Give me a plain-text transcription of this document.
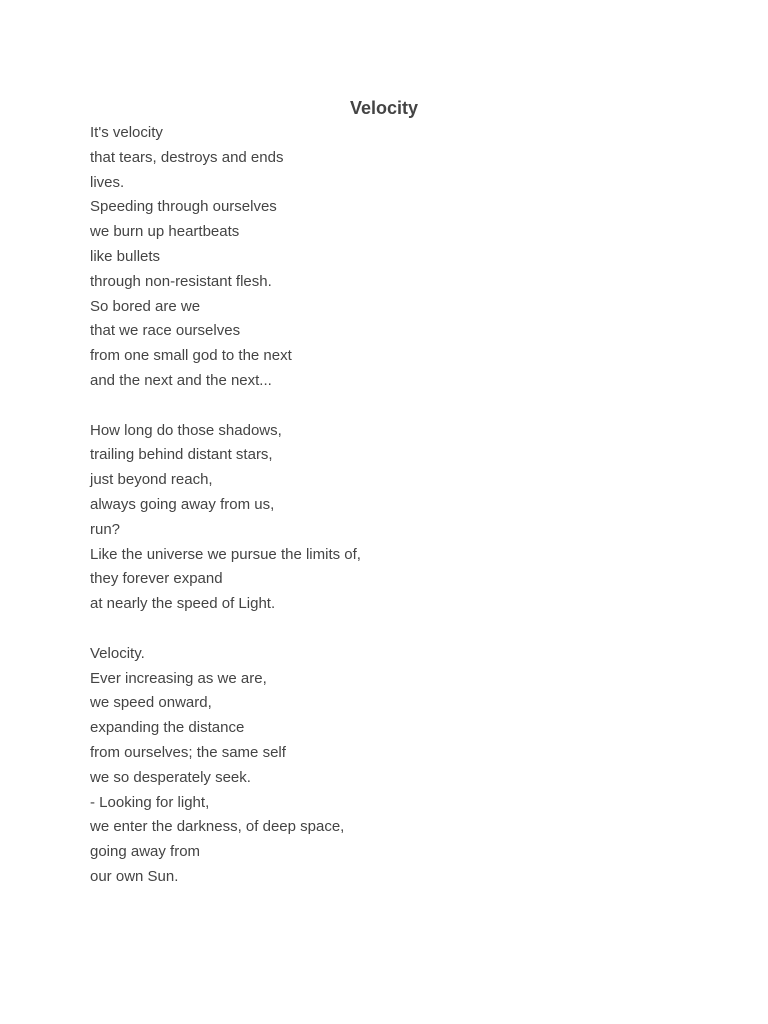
Velocity
It's velocity
that tears, destroys and ends
lives.
Speeding through ourselves
we burn up heartbeats
like bullets
through non-resistant flesh.
So bored are we
that we race ourselves
from one small god to the next
and the next and the next...
How long do those shadows,
trailing behind distant stars,
just beyond reach,
always going away from us,
run?
Like the universe we pursue the limits of,
they forever expand
at nearly the speed of Light.
Velocity.
Ever increasing as we are,
we speed onward,
expanding the distance
from ourselves; the same self
we so desperately seek.
- Looking for light,
we enter the darkness, of deep space,
going away from
our own Sun.
